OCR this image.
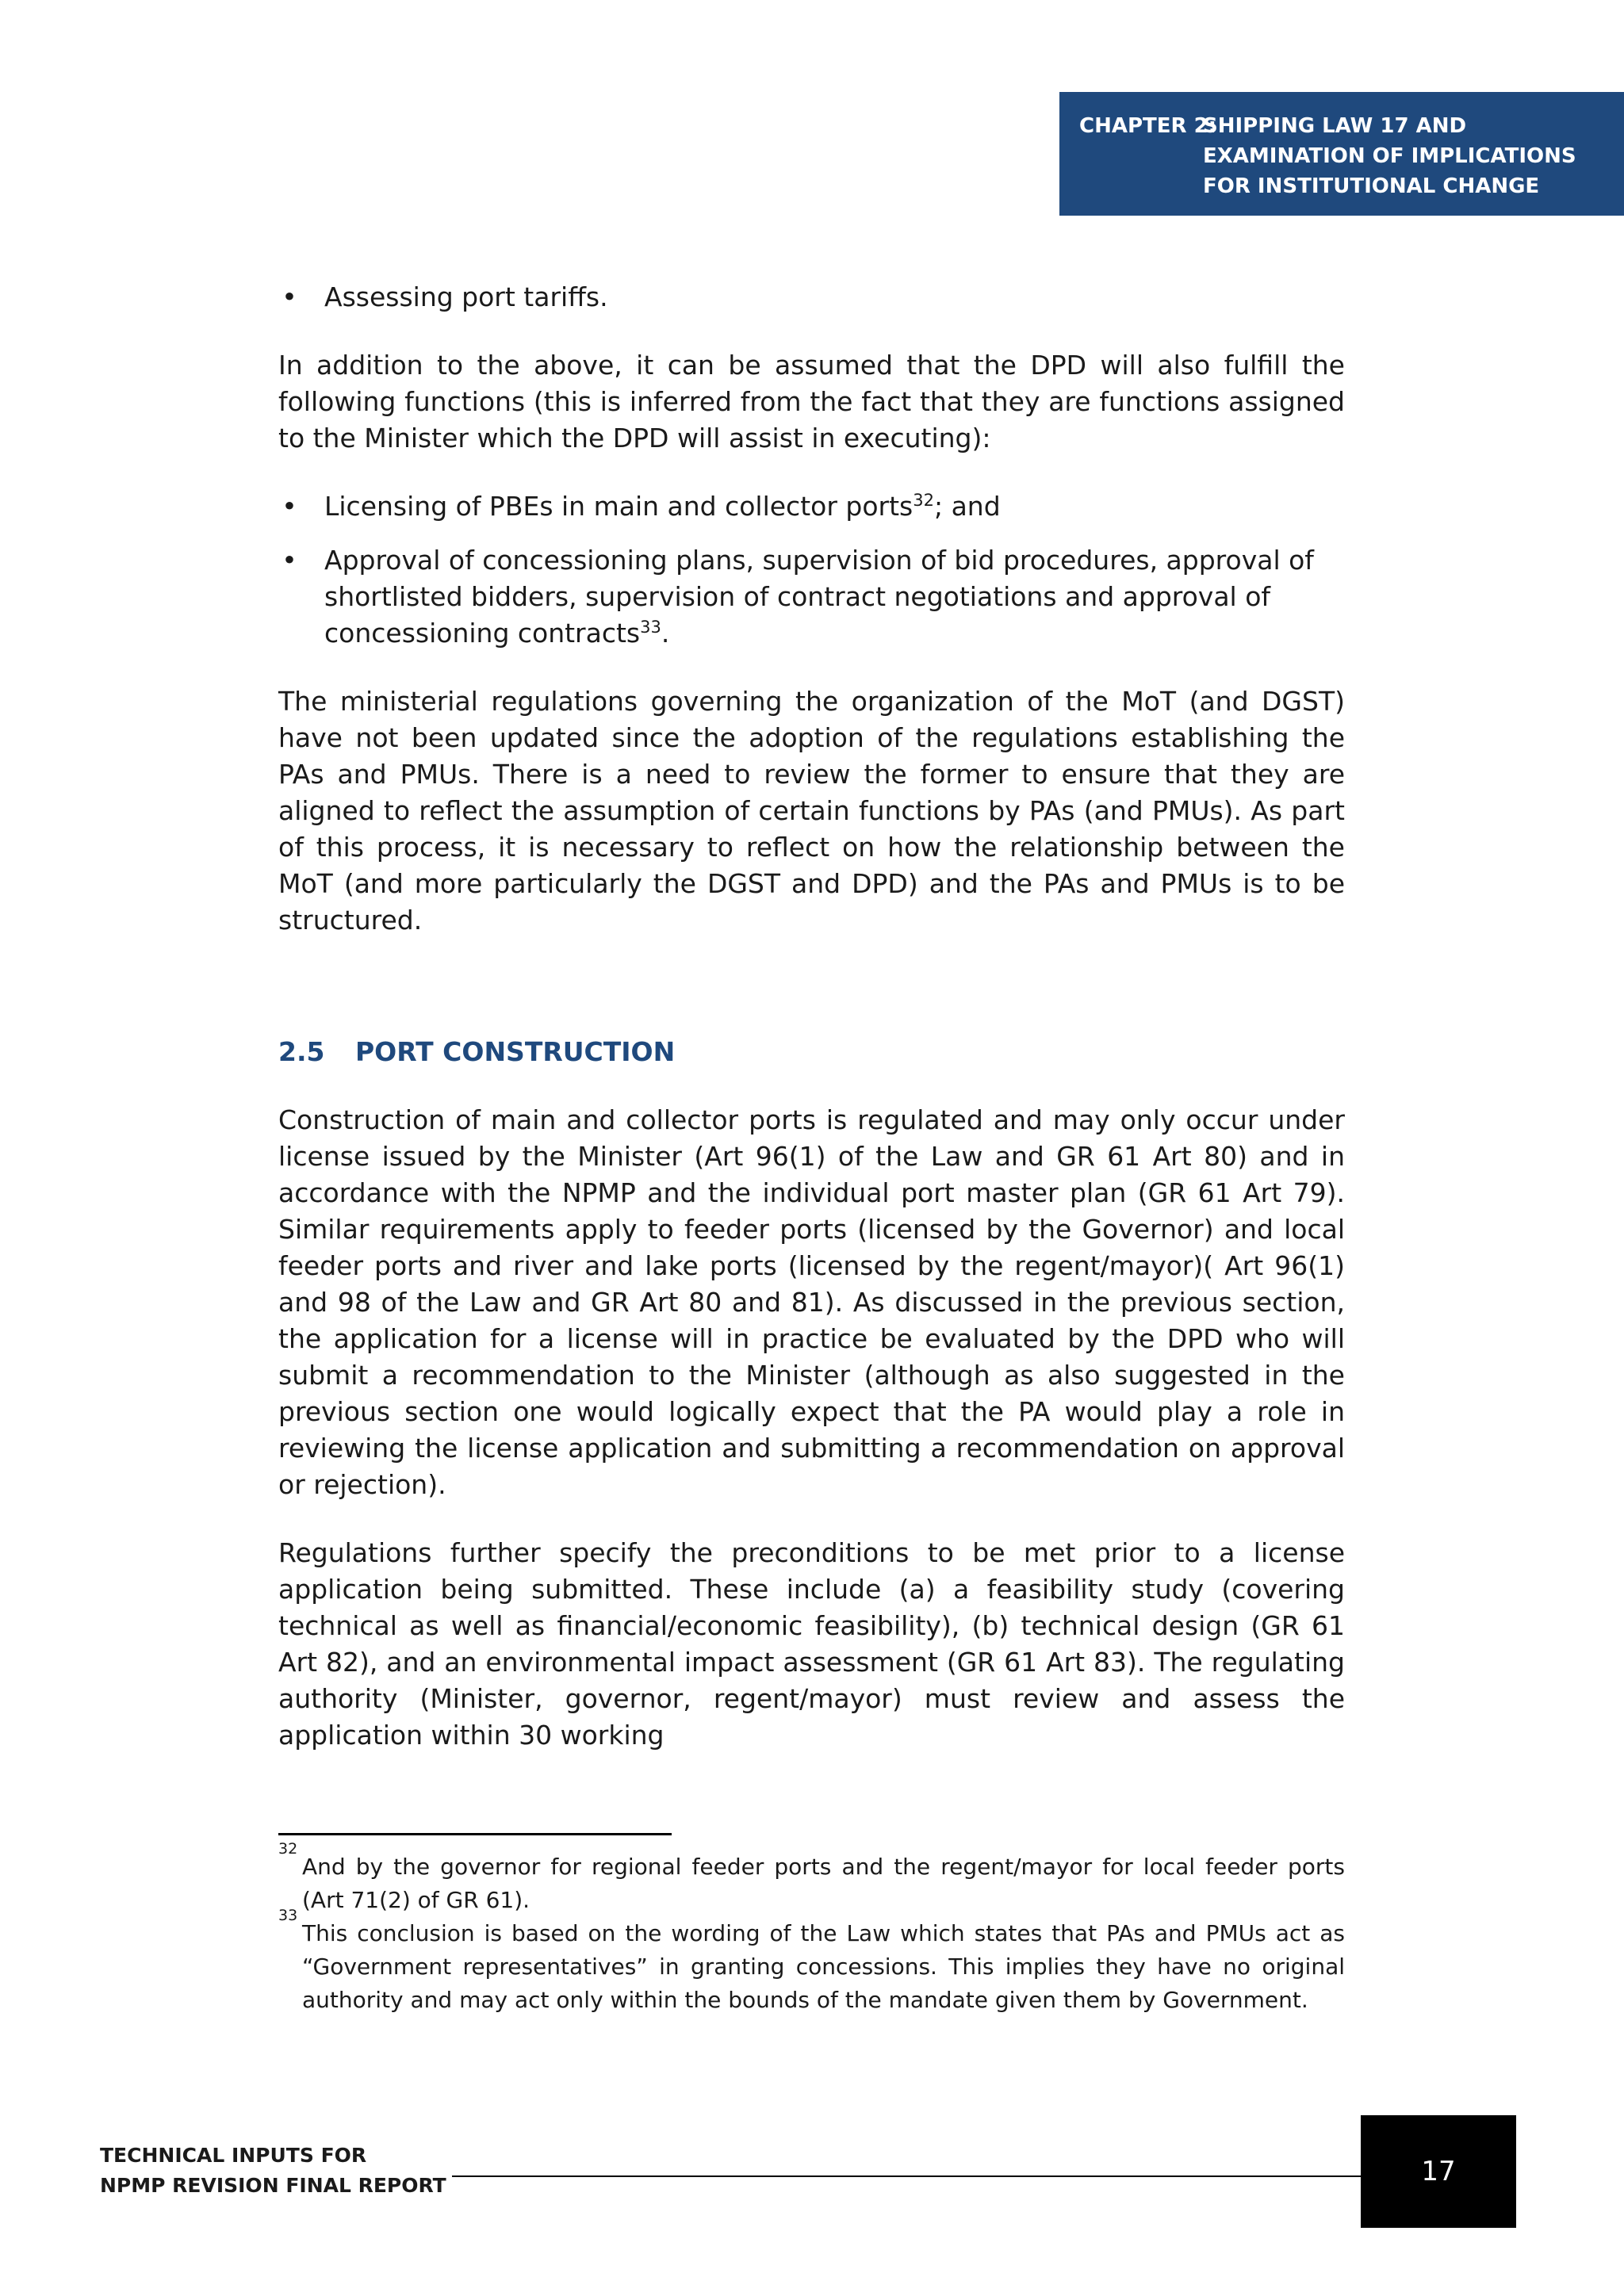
CHAPTER 2:
SHIPPING LAW 17 AND
EXAMINATION OF IMPLICATIONS
FOR INSTITUTIONAL CHANGE
•
Assessing port tariffs.

In addition to the above, it can be assumed that the DPD will also fulfill the following functions (this is inferred from the fact that they are functions assigned to the Minister which the DPD will assist in executing):

•
Licensing of PBEs in main and collector ports$^{32}$; and
•
Approval of concessioning plans, supervision of bid procedures, approval of shortlisted bidders, supervision of contract negotiations and approval of concessioning contracts$^{33}$.

The ministerial regulations governing the organization of the MoT (and DGST) have not been updated since the adoption of the regulations establishing the PAs and PMUs. There is a need to review the former to ensure that they are aligned to reflect the assumption of certain functions by PAs (and PMUs). As part of this process, it is necessary to reflect on how the relationship between the MoT (and more particularly the DGST and DPD) and the PAs and PMUs is to be structured.

2.5	PORT CONSTRUCTION

Construction of main and collector ports is regulated and may only occur under license issued by the Minister (Art 96(1) of the Law and GR 61 Art 80) and in accordance with the NPMP and the individual port master plan (GR 61 Art 79). Similar requirements apply to feeder ports (licensed by the Governor) and local feeder ports and river and lake ports (licensed by the regent/mayor)( Art 96(1) and 98 of the Law and GR Art 80 and 81). As discussed in the previous section, the application for a license will in practice be evaluated by the DPD who will submit a recommendation to the Minister (although as also suggested in the previous section one would logically expect that the PA would play a role in reviewing the license application and submitting a recommendation on approval or rejection).

Regulations further specify the preconditions to be met prior to a license application being submitted. These include (a) a feasibility study (covering technical as well as financial/economic feasibility), (b) technical design (GR 61 Art 82), and an environmental impact assessment (GR 61 Art 83). The regulating authority (Minister, governor, regent/mayor) must review and assess the application within 30 working

32
And by the governor for regional feeder ports and the regent/mayor for local feeder ports (Art 71(2) of GR 61).
33
This conclusion is based on the wording of the Law which states that PAs and PMUs act as “Government representatives” in granting concessions. This implies they have no original authority and may act only within the bounds of the mandate given them by Government.
TECHNICAL INPUTS FOR
NPMP REVISION FINAL REPORT	17
